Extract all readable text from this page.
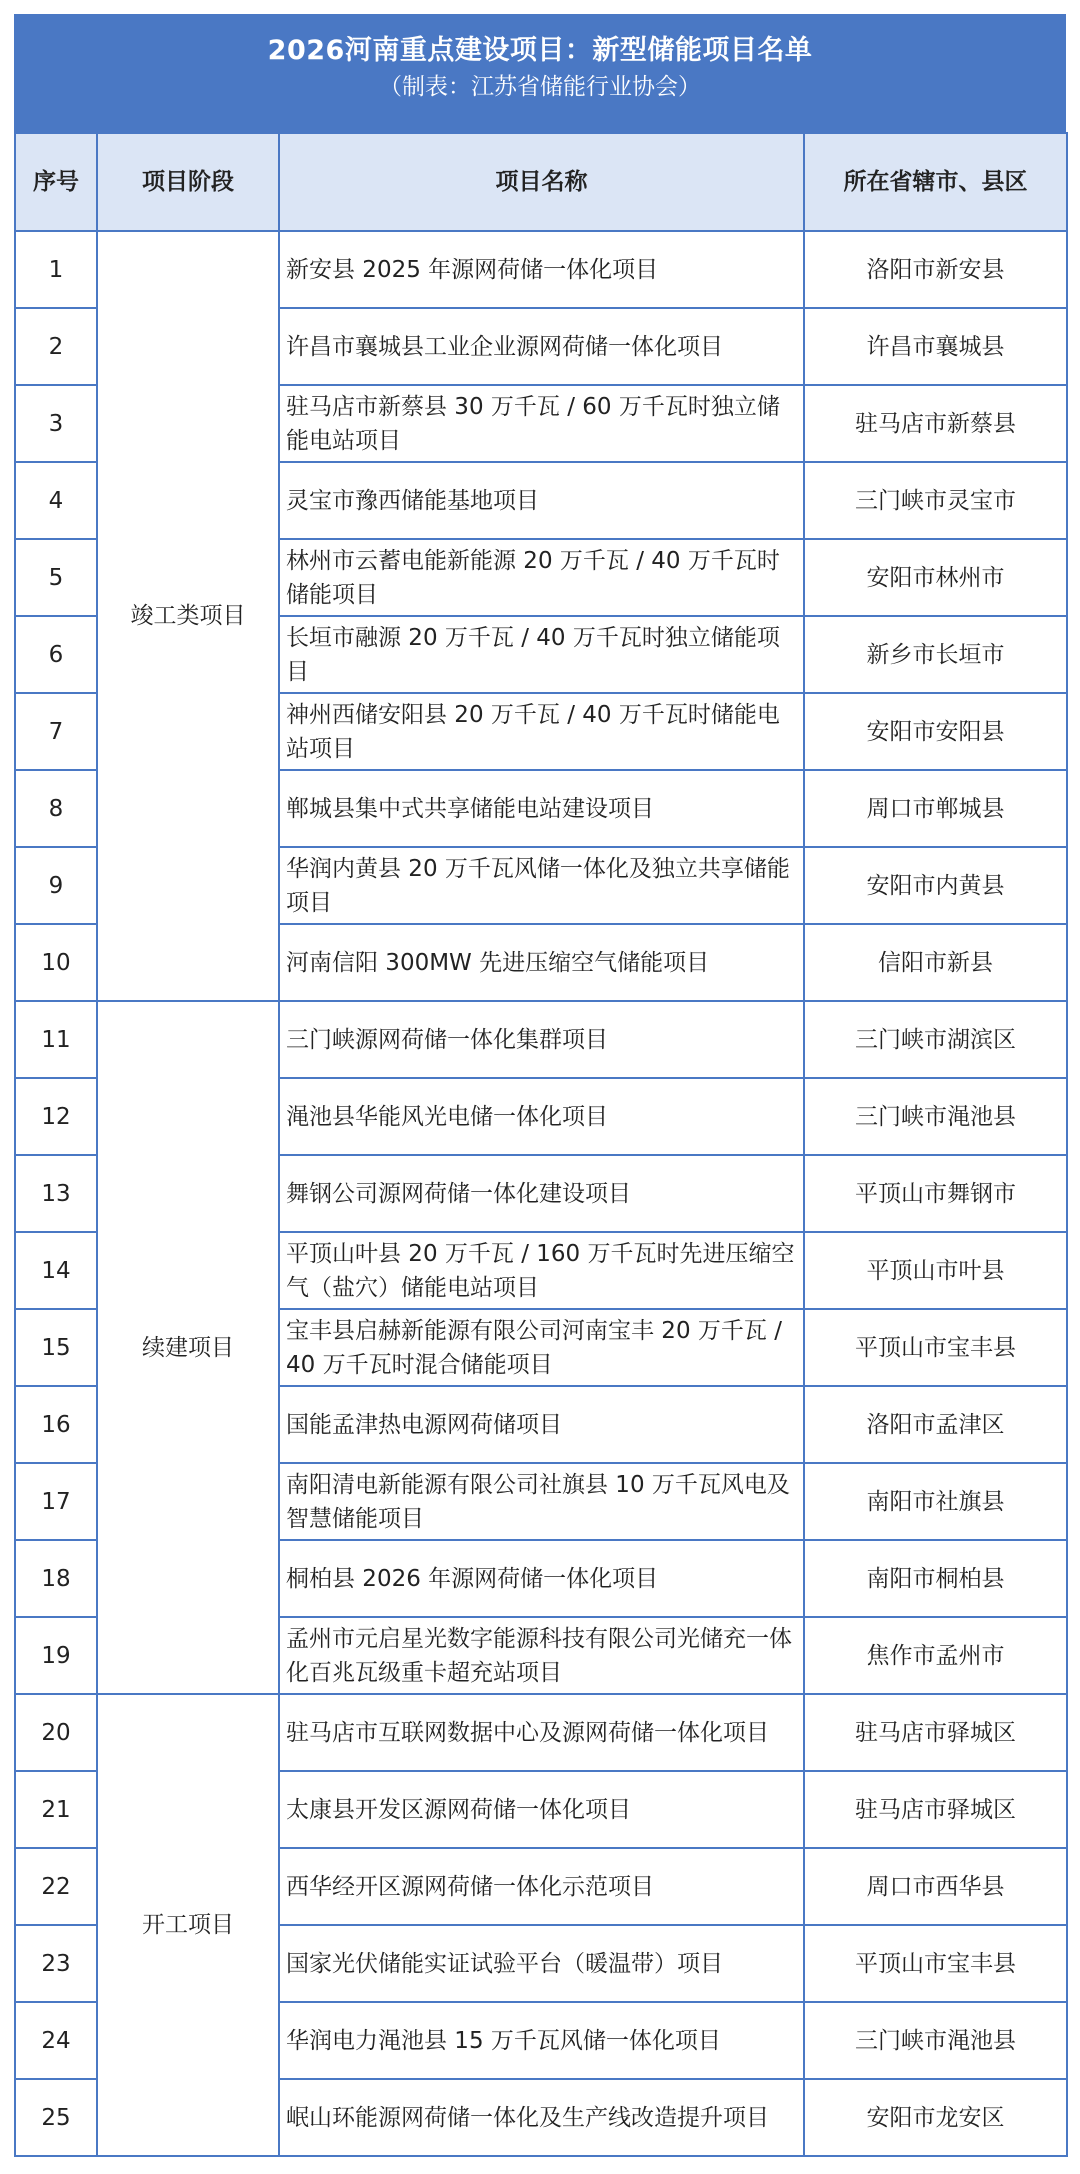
2026河南重点建设项目：新型储能项目名单
（制表：江苏省储能行业协会）
序号	项目阶段	项目名称	所在省辖市、县区
1	竣工类项目	新安县 2025 年源网荷储一体化项目	洛阳市新安县
2		许昌市襄城县工业企业源网荷储一体化项目	许昌市襄城县
3		驻马店市新蔡县 30 万千瓦 / 60 万千瓦时独立储能电站项目	驻马店市新蔡县
4		灵宝市豫西储能基地项目	三门峡市灵宝市
5		林州市云蓄电能新能源 20 万千瓦 / 40 万千瓦时储能项目	安阳市林州市
6		长垣市融源 20 万千瓦 / 40 万千瓦时独立储能项目	新乡市长垣市
7		神州西储安阳县 20 万千瓦 / 40 万千瓦时储能电站项目	安阳市安阳县
8		郸城县集中式共享储能电站建设项目	周口市郸城县
9		华润内黄县 20 万千瓦风储一体化及独立共享储能项目	安阳市内黄县
10		河南信阳 300MW 先进压缩空气储能项目	信阳市新县
11	续建项目	三门峡源网荷储一体化集群项目	三门峡市湖滨区
12		渑池县华能风光电储一体化项目	三门峡市渑池县
13		舞钢公司源网荷储一体化建设项目	平顶山市舞钢市
14		平顶山叶县 20 万千瓦 / 160 万千瓦时先进压缩空气（盐穴）储能电站项目	平顶山市叶县
15		宝丰县启赫新能源有限公司河南宝丰 20 万千瓦 / 40 万千瓦时混合储能项目	平顶山市宝丰县
16		国能孟津热电源网荷储项目	洛阳市孟津区
17		南阳清电新能源有限公司社旗县 10 万千瓦风电及智慧储能项目	南阳市社旗县
18		桐柏县 2026 年源网荷储一体化项目	南阳市桐柏县
19		孟州市元启星光数字能源科技有限公司光储充一体化百兆瓦级重卡超充站项目	焦作市孟州市
20	开工项目	驻马店市互联网数据中心及源网荷储一体化项目	驻马店市驿城区
21		太康县开发区源网荷储一体化项目	驻马店市驿城区
22		西华经开区源网荷储一体化示范项目	周口市西华县
23		国家光伏储能实证试验平台（暖温带）项目	平顶山市宝丰县
24		华润电力渑池县 15 万千瓦风储一体化项目	三门峡市渑池县
25		岷山环能源网荷储一体化及生产线改造提升项目	安阳市龙安区
